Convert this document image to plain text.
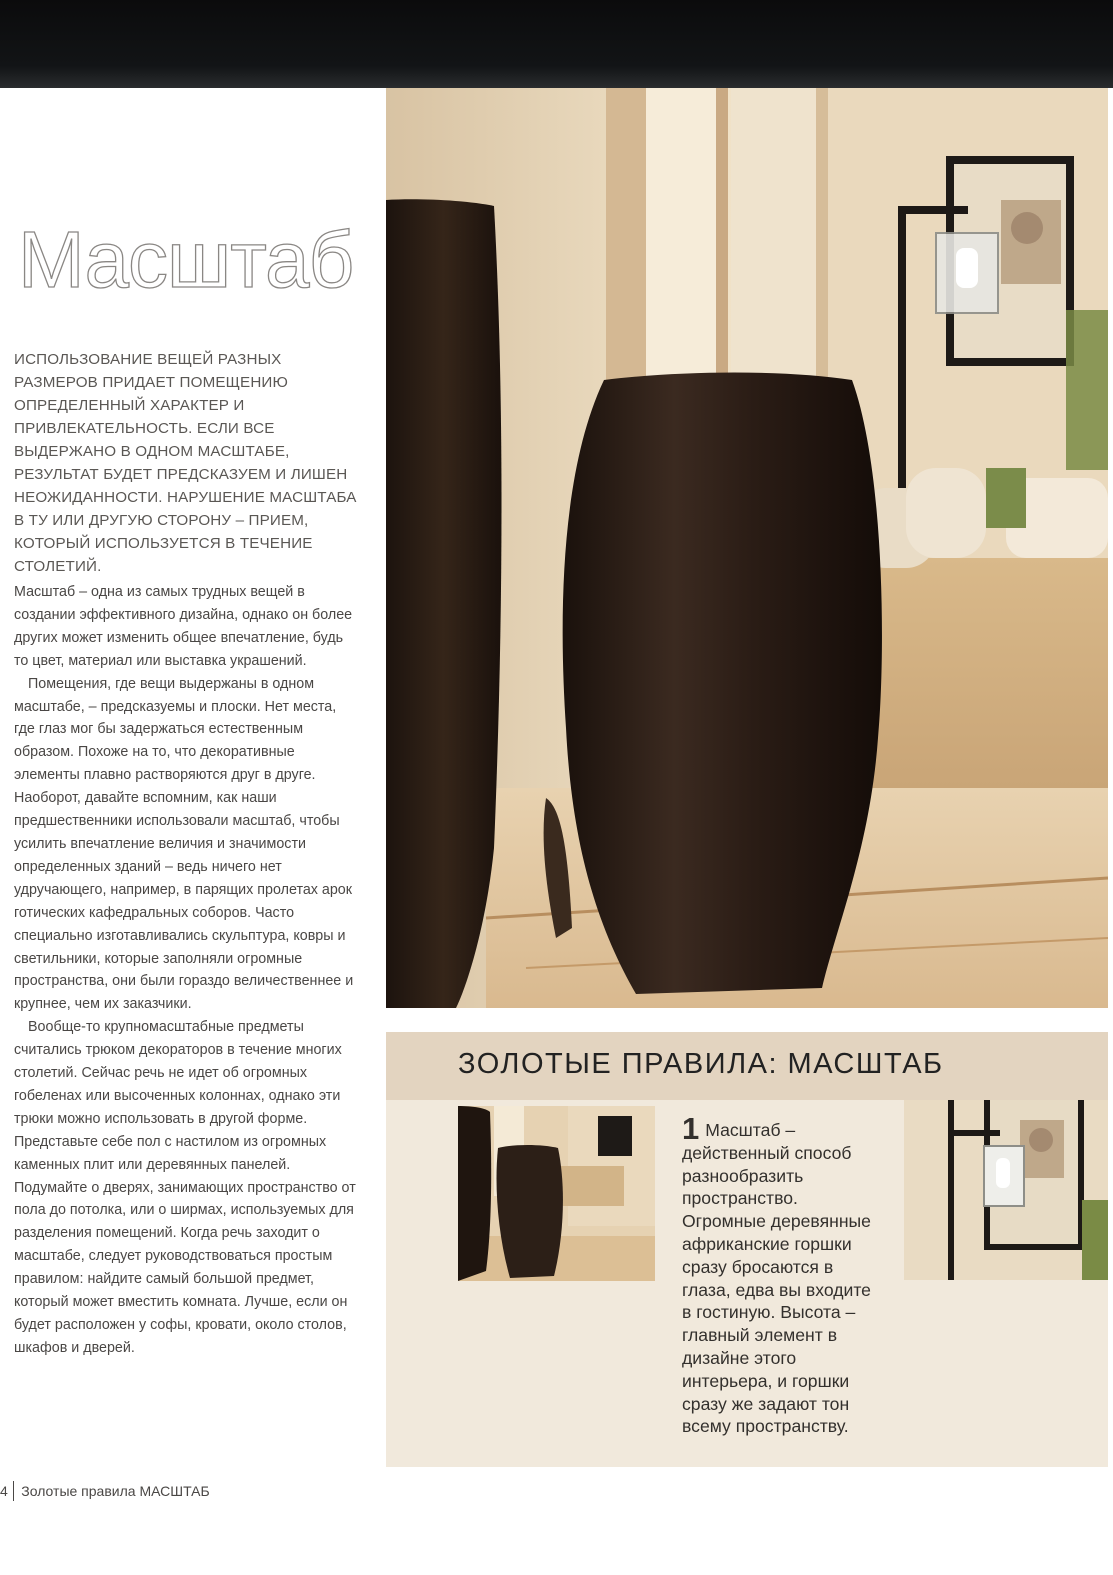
Масштаб

ИСПОЛЬЗОВАНИЕ ВЕЩЕЙ РАЗНЫХ РАЗМЕРОВ ПРИДАЕТ ПОМЕЩЕНИЮ ОПРЕДЕЛЕННЫЙ ХАРАКТЕР И ПРИВЛЕКАТЕЛЬНОСТЬ. ЕСЛИ ВСЕ ВЫДЕРЖАНО В ОДНОМ МАСШТАБЕ, РЕЗУЛЬТАТ БУДЕТ ПРЕДСКАЗУЕМ И ЛИШЕН НЕОЖИДАННОСТИ. НАРУШЕНИЕ МАСШТАБА В ТУ ИЛИ ДРУГУЮ СТОРОНУ – ПРИЕМ, КОТОРЫЙ ИСПОЛЬЗУЕТСЯ В ТЕЧЕНИЕ СТОЛЕТИЙ.

Масштаб – одна из самых трудных вещей в создании эффективного дизайна, однако он более других может изменить общее впечатление, будь то цвет, материал или выставка украшений.

Помещения, где вещи выдержаны в одном масштабе, – предсказуемы и плоски. Нет места, где глаз мог бы задержаться естественным образом. Похоже на то, что декоративные элементы плавно растворяются друг в друге. Наоборот, давайте вспомним, как наши предшественники использовали масштаб, чтобы усилить впечатление величия и значимости определенных зданий – ведь ничего нет удручающего, например, в парящих пролетах арок готических кафедральных соборов. Часто специально изготавливались скульптура, ковры и светильники, которые заполняли огромные пространства, они были гораздо величественнее и крупнее, чем их заказчики.

Вообще-то крупномасштабные предметы считались трюком декораторов в течение многих столетий. Сейчас речь не идет об огромных гобеленах или высоченных колоннах, однако эти трюки можно использовать в другой форме. Представьте себе пол с настилом из огромных каменных плит или деревянных панелей. Подумайте о дверях, занимающих пространство от пола до потолка, или о ширмах, используемых для разделения помещений. Когда речь заходит о масштабе, следует руководствоваться простым правилом: найдите самый большой предмет, который может вместить комната. Лучше, если он будет расположен у софы, кровати, около столов, шкафов и дверей.

4 Золотые правила МАСШТАБ
ЗОЛОТЫЕ ПРАВИЛА: МАСШТАБ
1 Масштаб – действенный способ разнообразить пространство. Огромные деревянные африканские горшки сразу бросаются в глаза, едва вы входите в гостиную. Высота – главный элемент в дизайне этого интерьера, и горшки сразу же задают тон всему пространству.
